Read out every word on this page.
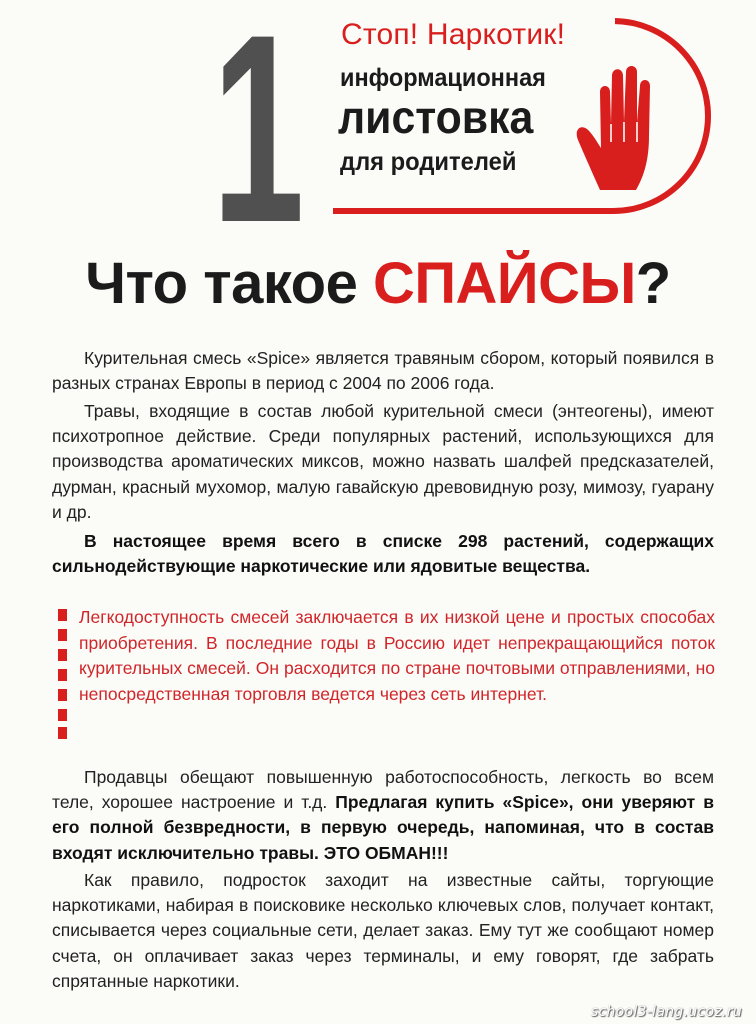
1 Стоп! Наркотик!
информационная
листовка
для родителей
Что такое СПАЙСЫ?

Курительная смесь «Spice» является травяным сбором, который появился в разных странах Европы в период с 2004 по 2006 года.

Травы, входящие в состав любой курительной смеси (энтеогены), имеют психотропное действие. Среди популярных растений, использующихся для производства ароматических миксов, можно назвать шалфей предсказателей, дурман, красный мухомор, малую гавайскую древовидную розу, мимозу, гуарану и др.

В настоящее время всего в списке 298 растений, содержащих сильнодействующие наркотические или ядовитые вещества.

Легкодоступность смесей заключается в их низкой цене и простых способах приобретения. В последние годы в Россию идет непрекращающийся поток курительных смесей. Он расходится по стране почтовыми отправлениями, но непосредственная торговля ведется через сеть интернет.

Продавцы обещают повышенную работоспособность, легкость во всем теле, хорошее настроение и т.д. Предлагая купить «Spice», они уверяют в его полной безвредности, в первую очередь, напоминая, что в состав входят исключительно травы. ЭТО ОБМАН!!!

Как правило, подросток заходит на известные сайты, торгующие наркотиками, набирая в поисковике несколько ключевых слов, получает контакт, списывается через социальные сети, делает заказ. Ему тут же сообщают номер счета, он оплачивает заказ через терминалы, и ему говорят, где забрать спрятанные наркотики.

school3-lang.ucoz.ru
